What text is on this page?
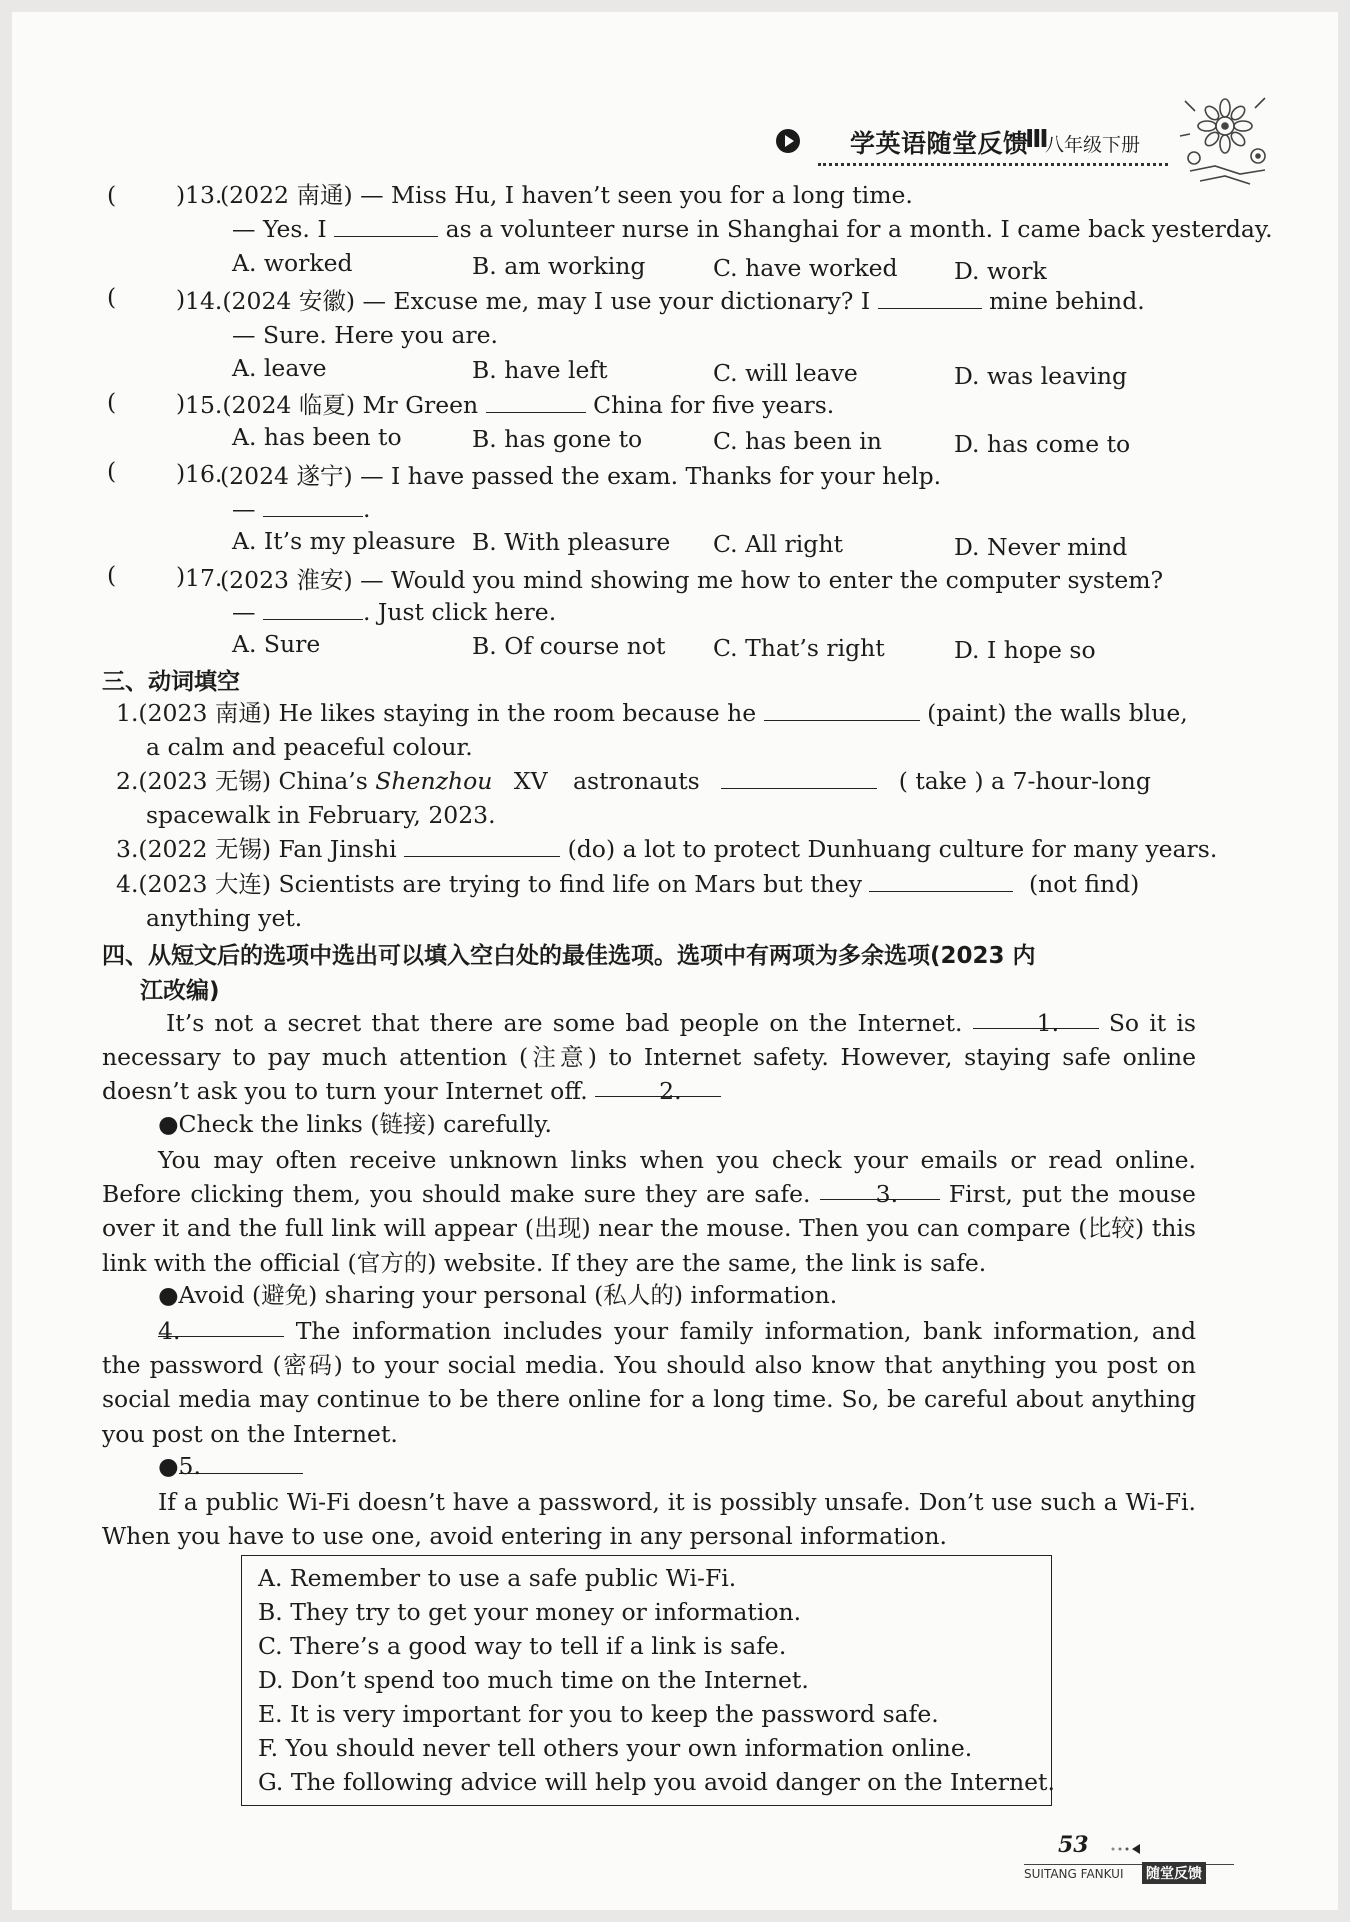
学英语随堂反馈
Ⅲ
八年级下册
(	) 13.
(2022 南通) — Miss Hu, I haven’t seen you for a long time.
— Yes. I	as a volunteer nurse in Shanghai for a month. I came back yesterday.
A. worked	B. am working	C. have worked D. work
(	) 14.(2024 安徽) — Excuse me, may I use your dictionary? I	mine behind.
— Sure. Here you are.
A. leave	B. have left	C. will leave	D. was leaving
(	) 15.(2024 临夏) Mr Green	China for five years.
A. has been to	B. has gone to	C. has been in	D. has come to
(	) 16.
(2024 遂宁) — I have passed the exam. Thanks for your help.
—	.
A. It’s my pleasure B. With pleasure C. All right	D. Never mind
(	) 17.
(2023 淮安) — Would you mind showing me how to enter the computer system?
—	. Just click here.
A. Sure	B. Of course not C. That’s right	D. I hope so
三、动词填空
1.(2023 南通) He likes staying in the room because he	(paint) the walls blue,
a calm and peaceful colour.
2.(2023 无锡) China’s Shenzhou XV astronauts	( take ) a 7-hour-long
spacewalk in February, 2023.
3.(2022 无锡) Fan Jinshi	(do) a lot to protect Dunhuang culture for many years.
4.(2023 大连) Scientists are trying to find life on Mars but they	(not find)
anything yet.
四、从短文后的选项中选出可以填入空白处的最佳选项。选项中有两项为多余选项(2023 内
江改编)
It’s not a secret that there are some bad people on the Internet.	1. So it is necessary to pay much attention (注意) to Internet safety. However, staying safe online doesn’t ask you to turn your Internet off.	2.
●Check the links (链接) carefully.
You may often receive unknown links when you check your emails or read online. Before clicking them, you should make sure they are safe.	3. First, put the mouse over it and the full link will appear (出现) near the mouse. Then you can compare (比较) this link with the official (官方的) website. If they are the same, the link is safe.
●Avoid (避免) sharing your personal (私人的) information.
4.	The information includes your family information, bank information, and the password (密码) to your social media. You should also know that anything you post on social media may continue to be there online for a long time. So, be careful about anything you post on the Internet.
●5.
If a public Wi-Fi doesn’t have a password, it is possibly unsafe. Don’t use such a Wi-Fi. When you have to use one, avoid entering in any personal information.
A. Remember to use a safe public Wi-Fi.
B. They try to get your money or information.
C. There’s a good way to tell if a link is safe.
D. Don’t spend too much time on the Internet.
E. It is very important for you to keep the password safe.
F. You should never tell others your own information online.
G. The following advice will help you avoid danger on the Internet.
53
SUITANG FANKUI 随堂反馈
